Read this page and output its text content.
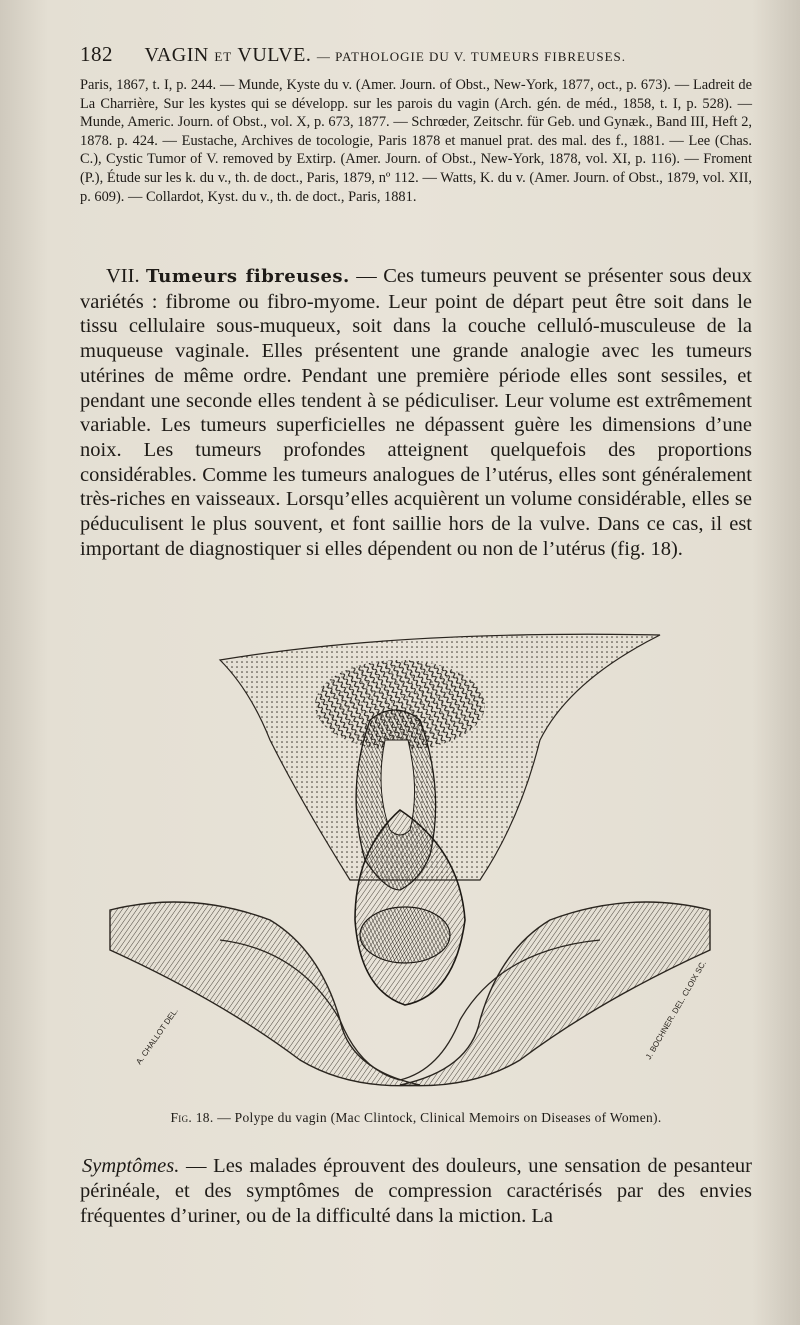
182 VAGIN ET VULVE. — PATHOLOGIE DU V. TUMEURS FIBREUSES.

Paris, 1867, t. I, p. 244. — Munde, Kyste du v. (Amer. Journ. of Obst., New-York, 1877, oct., p. 673). — Ladreit de La Charrière, Sur les kystes qui se développ. sur les parois du vagin (Arch. gén. de méd., 1858, t. I, p. 528). — Munde, Americ. Journ. of Obst., vol. X, p. 673, 1877. — Schrœder, Zeitschr. für Geb. und Gynæk., Band III, Heft 2, 1878. p. 424. — Eustache, Archives de tocologie, Paris 1878 et manuel prat. des mal. des f., 1881. — Lee (Chas. C.), Cystic Tumor of V. removed by Extirp. (Amer. Journ. of Obst., New-York, 1878, vol. XI, p. 116). — Froment (P.), Étude sur les k. du v., th. de doct., Paris, 1879, nº 112. — Watts, K. du v. (Amer. Journ. of Obst., 1879, vol. XII, p. 609). — Collardot, Kyst. du v., th. de doct., Paris, 1881.

VII. Tumeurs fibreuses. — Ces tumeurs peuvent se présenter sous deux variétés : fibrome ou fibro-myome. Leur point de départ peut être soit dans le tissu cellulaire sous-muqueux, soit dans la couche celluló-musculeuse de la muqueuse vaginale. Elles présentent une grande analogie avec les tumeurs utérines de même ordre. Pendant une première période elles sont sessiles, et pendant une seconde elles tendent à se pédiculiser. Leur volume est extrêmement variable. Les tumeurs superficielles ne dépassent guère les dimensions d’une noix. Les tumeurs profondes atteignent quelquefois des proportions considérables. Comme les tumeurs analogues de l’utérus, elles sont généralement très-riches en vaisseaux. Lorsqu’elles acquièrent un volume considérable, elles se péduculisent le plus souvent, et font saillie hors de la vulve. Dans ce cas, il est important de diagnostiquer si elles dépendent ou non de l’utérus (fig. 18).

A. CHALLOT DEL.	J. BOCHNER. DEL. CLOIX SC.
Fig. 18. — Polype du vagin (Mac Clintock, Clinical Memoirs on Diseases of Women).

Symptômes. — Les malades éprouvent des douleurs, une sensation de pesanteur périnéale, et des symptômes de compression caractérisés par des envies fréquentes d’uriner, ou de la difficulté dans la miction. La
